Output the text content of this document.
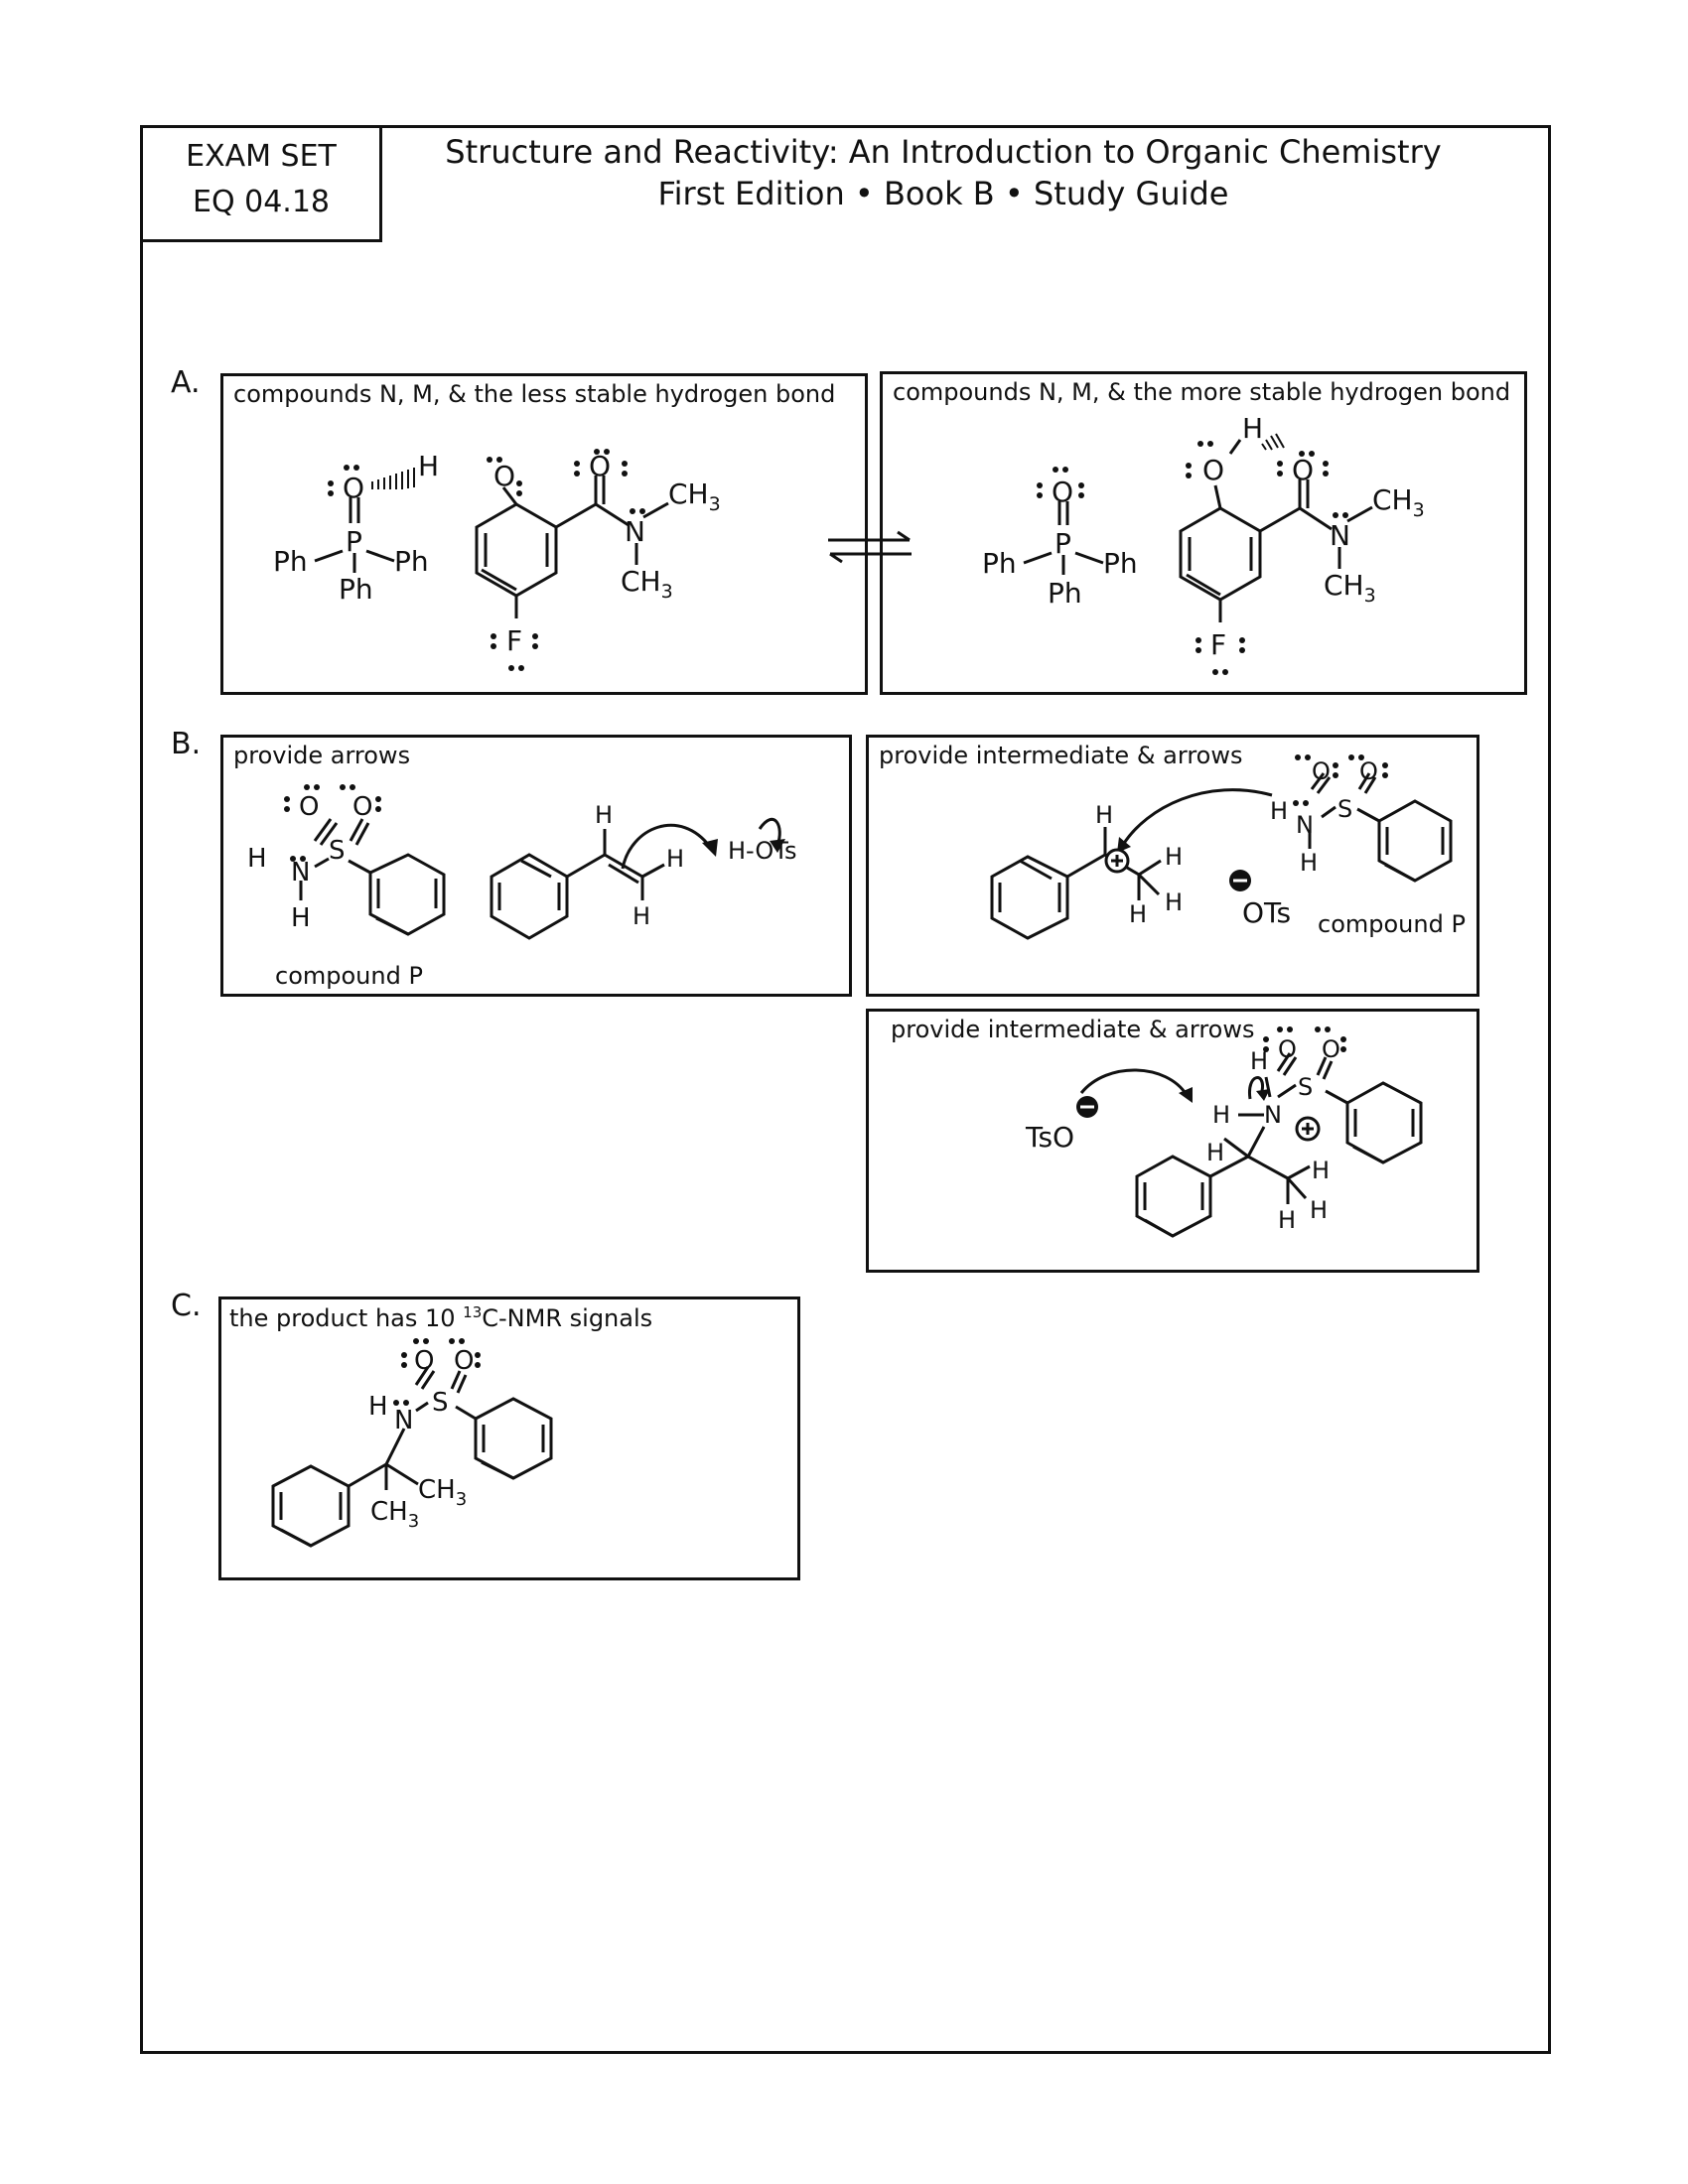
EXAM SET
EQ 04.18
Structure and Reactivity: An Introduction to Organic Chemistry
First Edition • Book B • Study Guide
A. compounds N, M, & the less stable hydrogen bond
O
P
Ph	Ph
Ph
H O	O
N
$CH_3$
$CH_3$
F
compounds N, M, & the more stable hydrogen bond
O
P
Ph	Ph
Ph
H
O O
N
$CH_3$
$CH_3$
F
B. provide arrows
compound P
O O
S
N
H
H
H
H
H
H-OTs
provide intermediate & arrows
compound P
H
H
H H OTs
O O
S
N
H
H
provide intermediate & arrows
TsO
H
H
O O
S
N
H
H
H
H
C. the product has 10 $^{13}$C-NMR signals
O O
S
N
H
$CH_3$
$CH_3$
